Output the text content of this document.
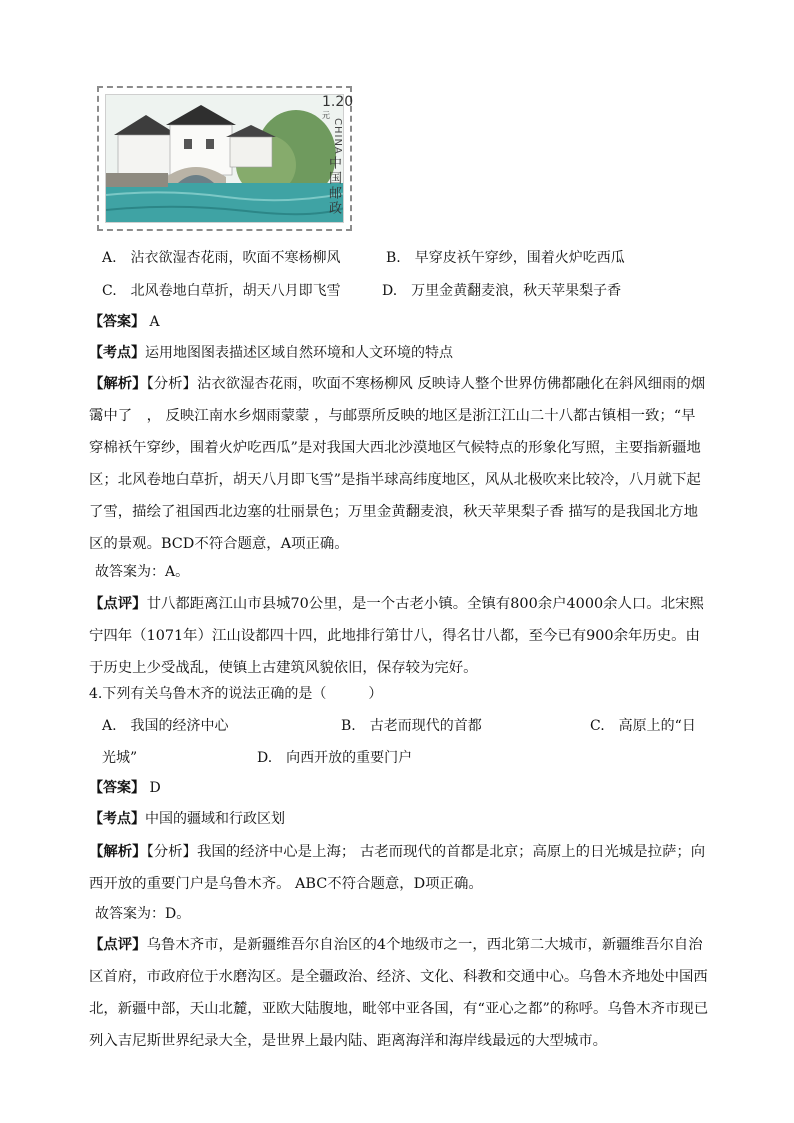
$1.20^元$
CHINA
中国邮政
A.　沾衣欲湿杏花雨，吹面不寒杨柳风	B.　早穿皮袄午穿纱，围着火炉吃西瓜
C.　北风卷地白草折，胡天八月即飞雪	D.　万里金黄翻麦浪，秋天苹果梨子香
【答案】 A
【考点】运用地图图表描述区域自然环境和人文环境的特点
【解析】【分析】沾衣欲湿杏花雨，吹面不寒杨柳风 反映诗人整个世界仿佛都融化在斜风细雨的烟霭中了　， 反映江南水乡烟雨蒙蒙 ，与邮票所反映的地区是浙江江山二十八都古镇相一致；“早穿棉袄午穿纱，围着火炉吃西瓜”是对我国大西北沙漠地区气候特点的形象化写照，主要指新疆地区；北风卷地白草折，胡天八月即飞雪”是指半球高纬度地区，风从北极吹来比较冷，八月就下起了雪，描绘了祖国西北边塞的壮丽景色；万里金黄翻麦浪，秋天苹果梨子香 描写的是我国北方地区的景观。BCD不符合题意，A项正确。
故答案为：A。
【点评】廿八都距离江山市县城70公里，是一个古老小镇。全镇有800余户4000余人口。北宋熙宁四年（1071年）江山设都四十四，此地排行第廿八，得名廿八都，至今已有900余年历史。由于历史上少受战乱，使镇上古建筑风貌依旧，保存较为完好。
4.下列有关乌鲁木齐的说法正确的是（　　　）
A.　我国的经济中心	B.　古老而现代的首都	C.　高原上的“日
光城”	D.　向西开放的重要门户
【答案】 D
【考点】中国的疆域和行政区划
【解析】【分析】我国的经济中心是上海； 古老而现代的首都是北京；高原上的日光城是拉萨；向西开放的重要门户是乌鲁木齐。 ABC不符合题意，D项正确。
故答案为：D。
【点评】乌鲁木齐市，是新疆维吾尔自治区的4个地级市之一，西北第二大城市，新疆维吾尔自治区首府，市政府位于水磨沟区。是全疆政治、经济、文化、科教和交通中心。乌鲁木齐地处中国西北，新疆中部，天山北麓，亚欧大陆腹地，毗邻中亚各国，有“亚心之都”的称呼。乌鲁木齐市现已列入吉尼斯世界纪录大全，是世界上最内陆、距离海洋和海岸线最远的大型城市。
